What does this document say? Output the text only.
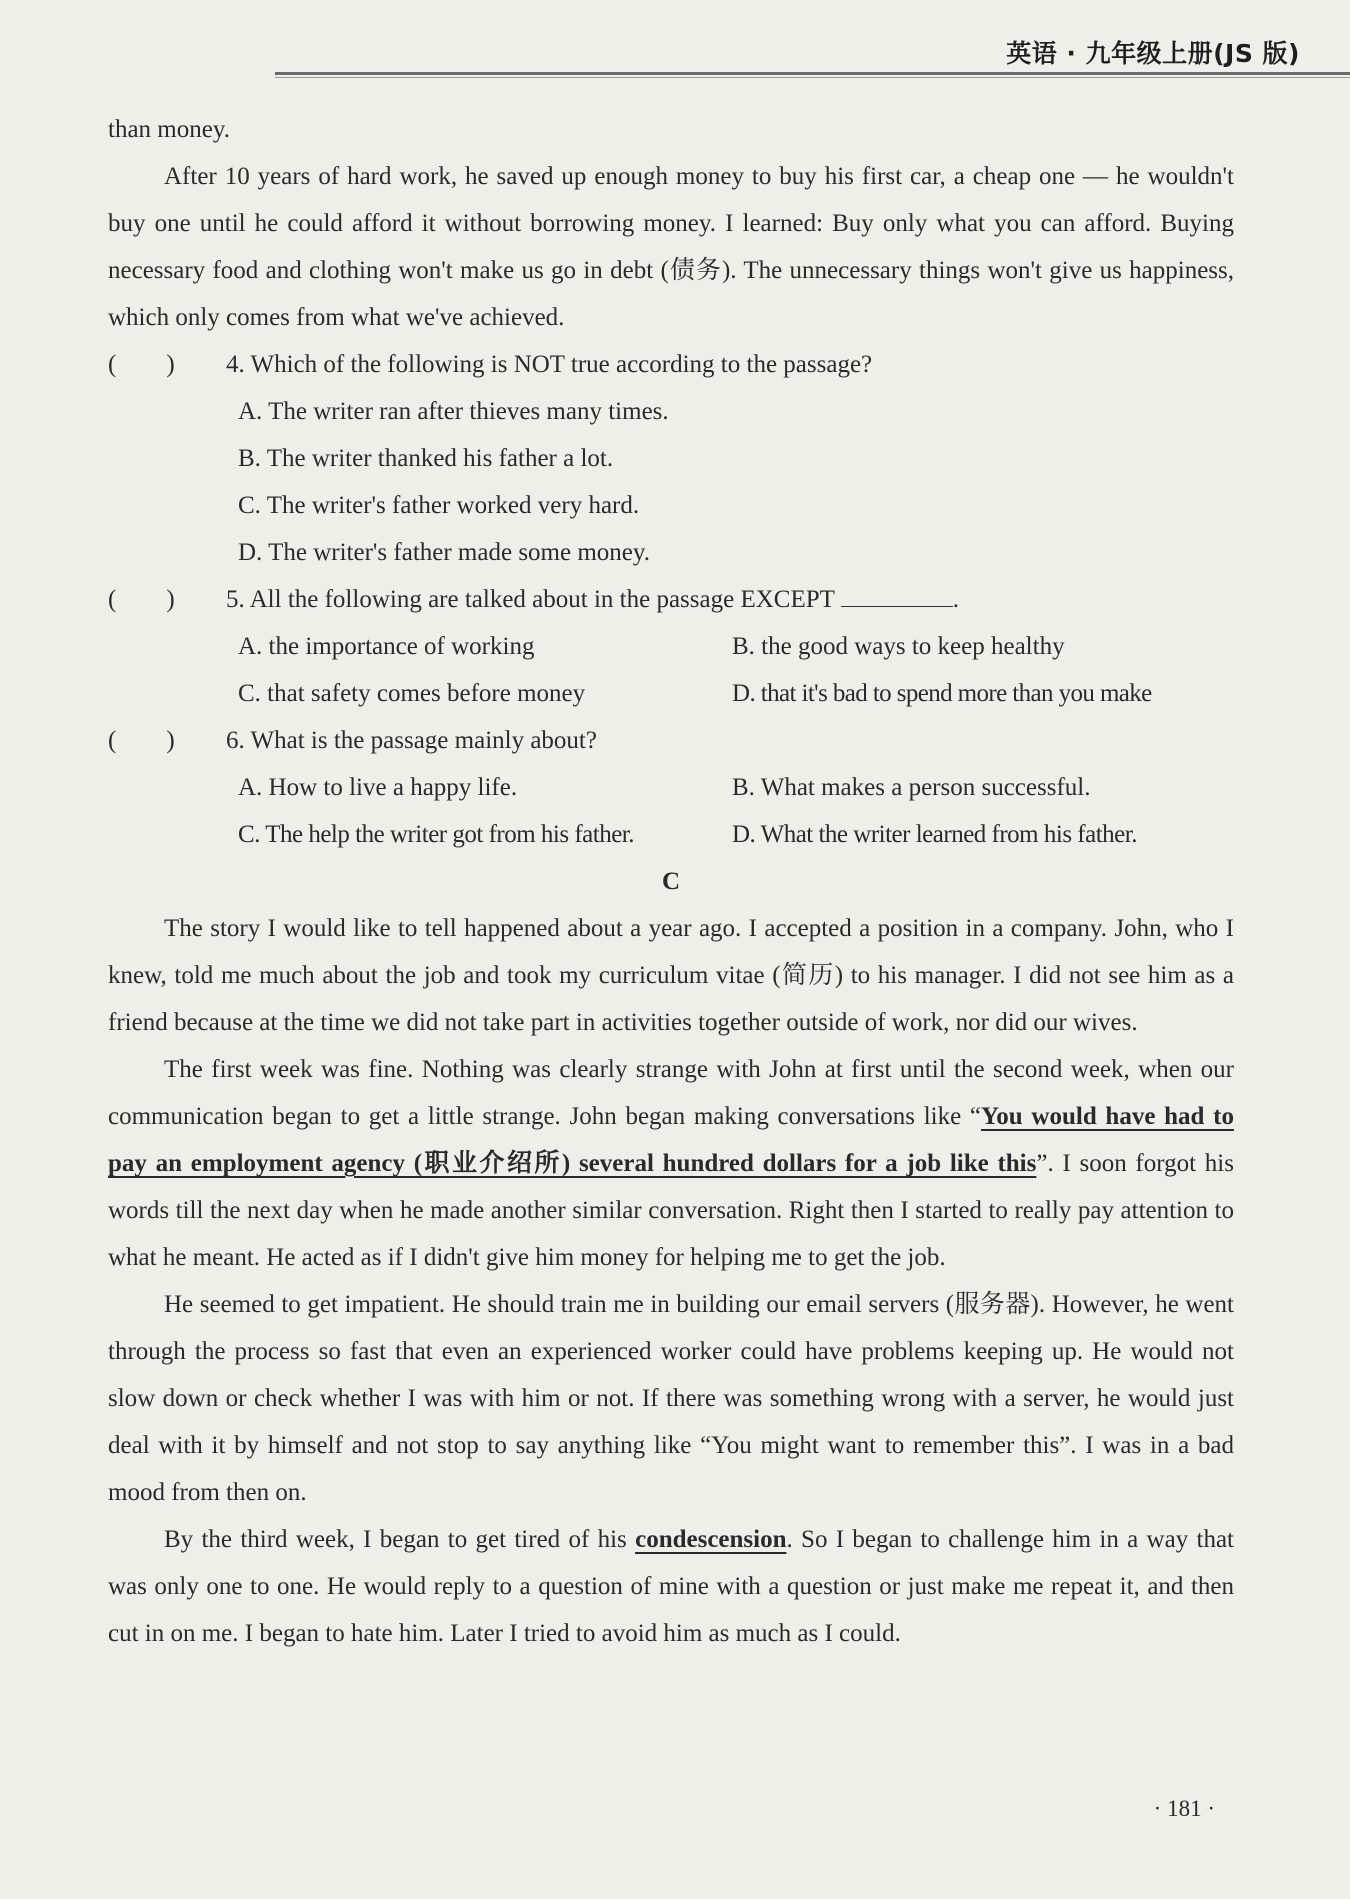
英语 · 九年级上册(JS 版)

than money.

After 10 years of hard work, he saved up enough money to buy his first car, a cheap one — he wouldn't buy one until he could afford it without borrowing money. I learned: Buy only what you can afford. Buying necessary food and clothing won't make us go in debt (债务). The unnecessary things won't give us happiness, which only comes from what we've achieved.

(        )	4. Which of the following is NOT true according to the passage?
A. The writer ran after thieves many times.
B. The writer thanked his father a lot.
C. The writer's father worked very hard.
D. The writer's father made some money.
(        )	5. All the following are talked about in the passage EXCEPT	.
A. the importance of working	B. the good ways to keep healthy
C. that safety comes before money	D. that it's bad to spend more than you make
(        )	6. What is the passage mainly about?
A. How to live a happy life.	B. What makes a person successful.
C. The help the writer got from his father.	D. What the writer learned from his father.
C

The story I would like to tell happened about a year ago. I accepted a position in a company. John, who I knew, told me much about the job and took my curriculum vitae (简历) to his manager. I did not see him as a friend because at the time we did not take part in activities together outside of work, nor did our wives.

The first week was fine. Nothing was clearly strange with John at first until the second week, when our communication began to get a little strange. John began making conversations like “You would have had to pay an employment agency (职业介绍所) several hundred dollars for a job like this”. I soon forgot his words till the next day when he made another similar conversation. Right then I started to really pay attention to what he meant. He acted as if I didn't give him money for helping me to get the job.

He seemed to get impatient. He should train me in building our email servers (服务器). However, he went through the process so fast that even an experienced worker could have problems keeping up. He would not slow down or check whether I was with him or not. If there was something wrong with a server, he would just deal with it by himself and not stop to say anything like “You might want to remember this”. I was in a bad mood from then on.

By the third week, I began to get tired of his condescension. So I began to challenge him in a way that was only one to one. He would reply to a question of mine with a question or just make me repeat it, and then cut in on me. I began to hate him. Later I tried to avoid him as much as I could.

· 181 ·
